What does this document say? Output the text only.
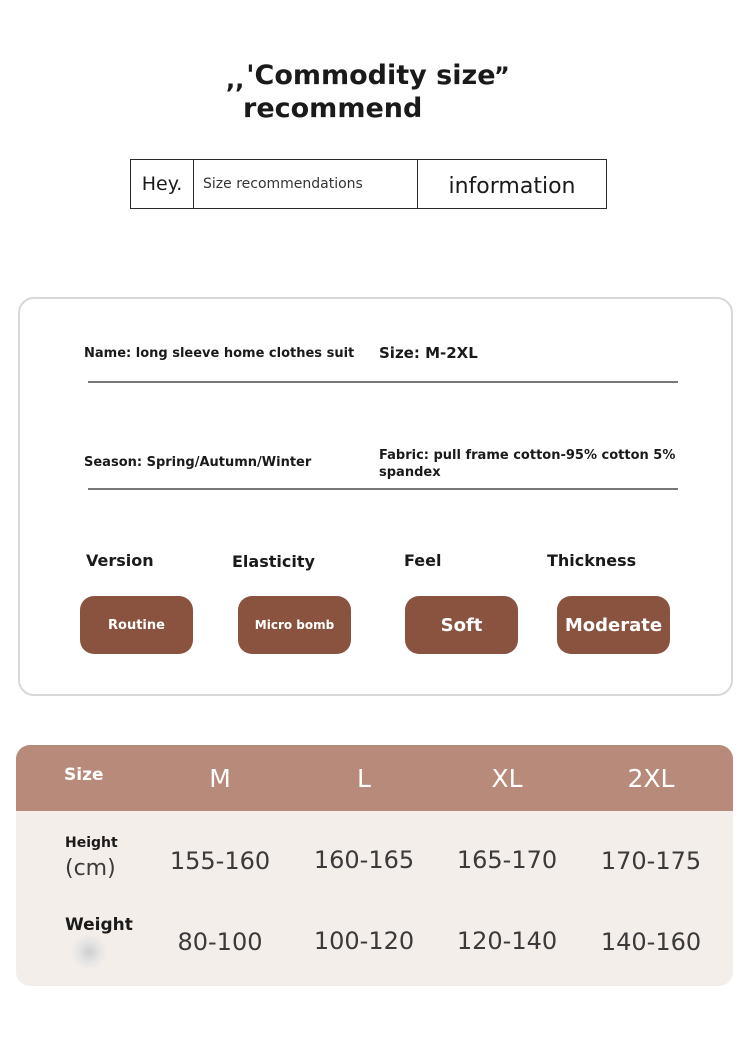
,,'Commodity size
”
recommend
Hey.	Size recommendations	information
Name: long sleeve home clothes suit Size: M-2XL
Season: Spring/Autumn/Winter	Fabric: pull frame cotton-95% cotton 5%
spandex
Version	Elasticity	Feel	Thickness
Routine	Micro bomb	Soft	Moderate
Size	M	L	XL	2XL
Height
(cm)	155-160	160-165	165-170	170-175
Weight
80-100	100-120	120-140	140-160
